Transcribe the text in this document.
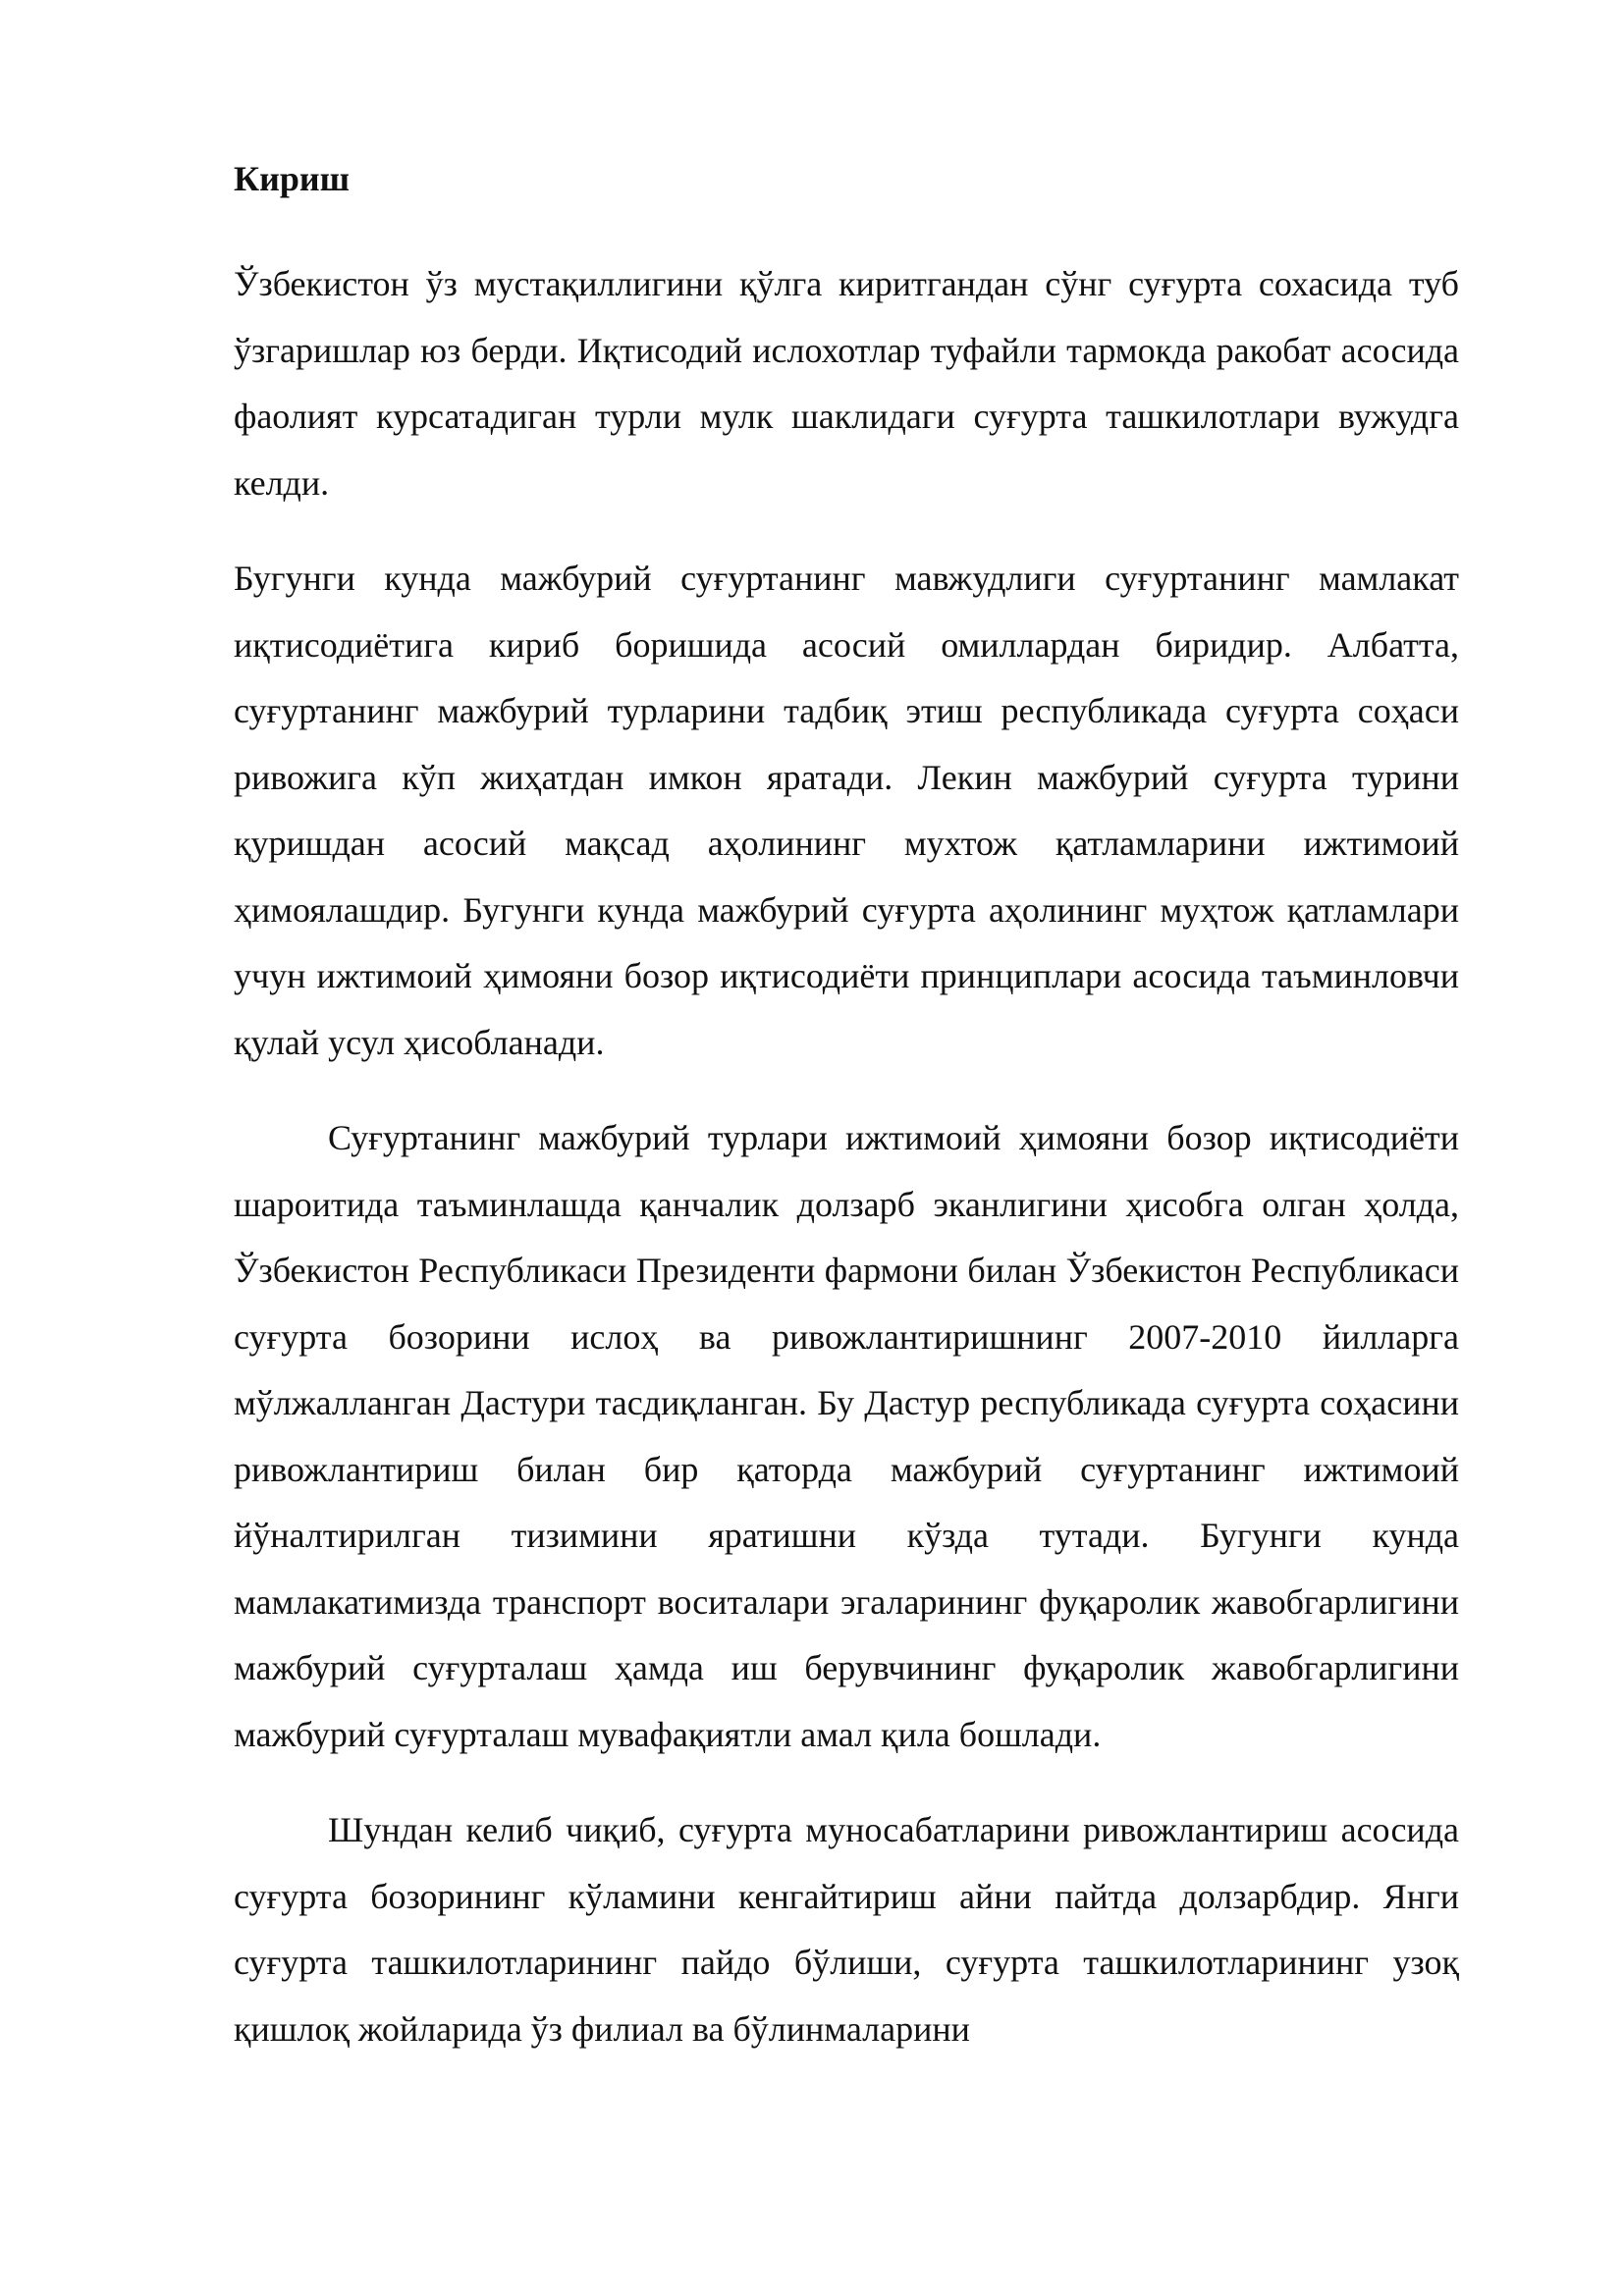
Кириш

Ўзбекистон ўз мустақиллигини қўлга киритгандан сўнг суғурта сохасида туб ўзгаришлар юз берди. Иқтисодий ислохотлар туфайли тармокда ракобат асосида фаолият курсатадиган турли мулк шаклидаги суғурта ташкилотлари вужудга келди.

Бугунги кунда мажбурий суғуртанинг мавжудлиги суғуртанинг мамлакат иқтисодиётига кириб боришида асосий омиллардан биридир. Албатта, суғуртанинг мажбурий турларини тадбиқ этиш республикада суғурта соҳаси ривожига кўп жиҳатдан имкон яратади. Лекин мажбурий суғурта турини қуришдан асосий мақсад аҳолининг мухтож қатламларини ижтимоий ҳимоялашдир. Бугунги кунда мажбурий суғурта аҳолининг муҳтож қатламлари учун ижтимоий ҳимояни бозор иқтисодиёти принциплари асосида таъминловчи қулай усул ҳисобланади.

Суғуртанинг мажбурий турлари ижтимоий ҳимояни бозор иқтисодиёти шароитида таъминлашда қанчалик долзарб эканлигини ҳисобга олган ҳолда, Ўзбекистон Республикаси Президенти фармони билан Ўзбекистон Республикаси суғурта бозорини ислоҳ ва ривожлантиришнинг 2007-2010 йилларга мўлжалланган Дастури тасдиқланган. Бу Дастур республикада суғурта соҳасини ривожлантириш билан бир қаторда мажбурий суғуртанинг ижтимоий йўналтирилган тизимини яратишни кўзда тутади. Бугунги кунда мамлакатимизда транспорт воситалари эгаларининг фуқаролик жавобгарлигини мажбурий суғурталаш ҳамда иш берувчининг фуқаролик жавобгарлигини мажбурий суғурталаш мувафақиятли амал қила бошлади.

Шундан келиб чиқиб, суғурта муносабатларини ривожлантириш асосида суғурта бозорининг кўламини кенгайтириш айни пайтда долзарбдир. Янги суғурта ташкилотларининг пайдо бўлиши, суғурта ташкилотларининг узоқ қишлоқ жойларида ўз филиал ва бўлинмаларини
